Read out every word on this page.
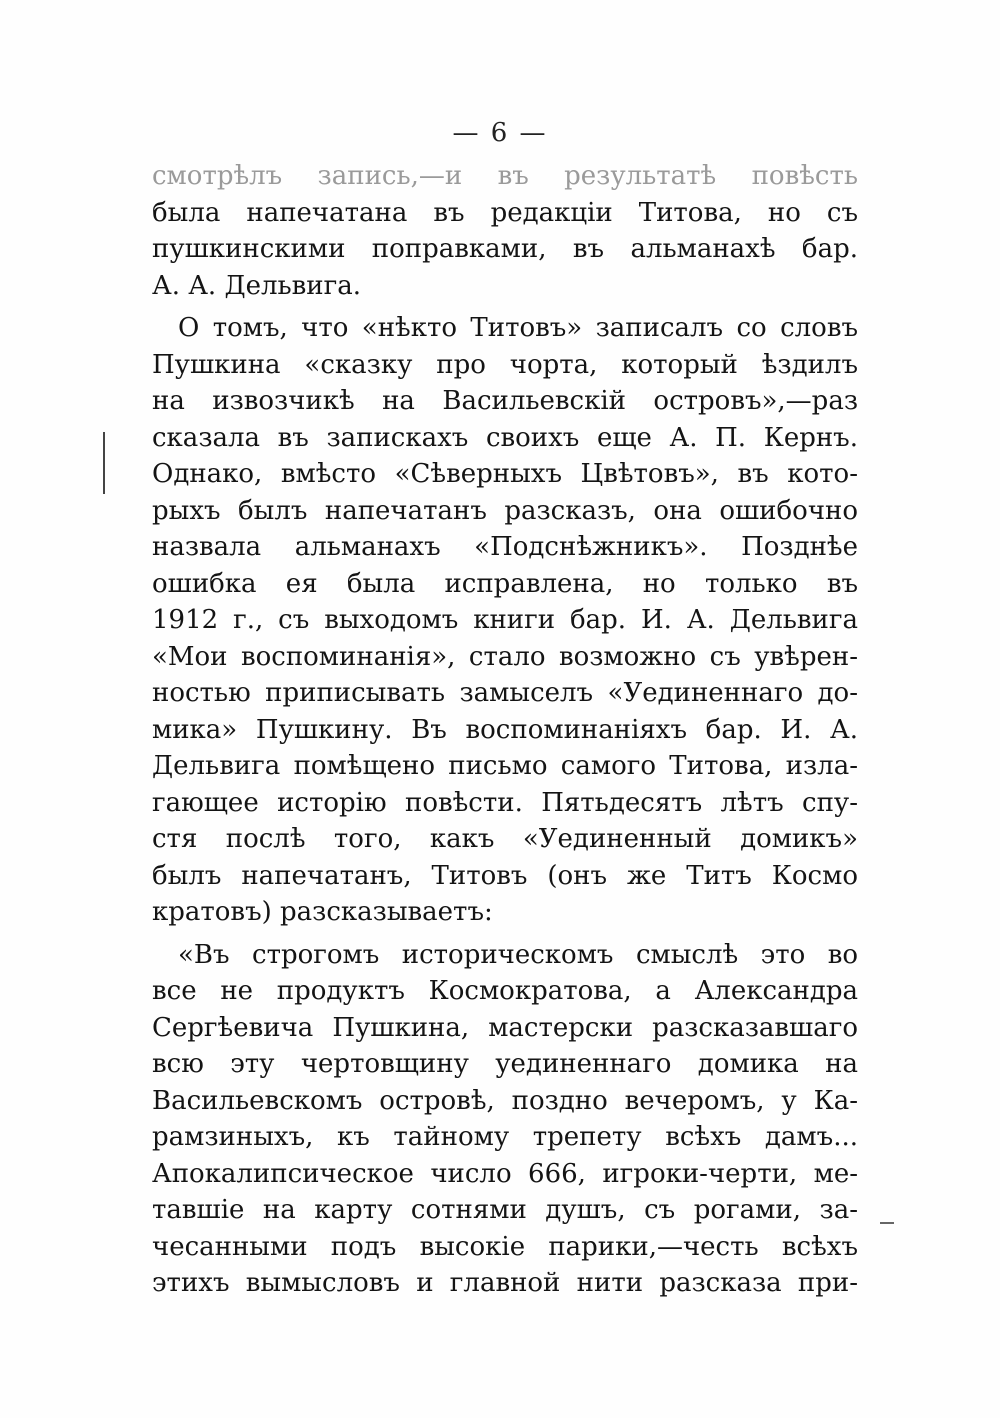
— 6 —
смотрѣлъ запись,—и въ результатѣ повѣсть
была напечатана въ редакціи Титова, но съ
пушкинскими поправками, въ альманахѣ бар.
А. А. Дельвига.
О томъ, что «нѣкто Титовъ» записалъ со словъ
Пушкина «сказку про чорта, который ѣздилъ
на извозчикѣ на Васильевскій островъ»,—раз
сказала въ запискахъ своихъ еще А. П. Кернъ.
Однако, вмѣсто «Сѣверныхъ Цвѣтовъ», въ кото-
рыхъ былъ напечатанъ разсказъ, она ошибочно
назвала альманахъ «Подснѣжникъ». Позднѣе
ошибка ея была исправлена, но только въ
1912 г., съ выходомъ книги бар. И. А. Дельвига
«Мои воспоминанія», стало возможно съ увѣрен-
ностью приписывать замыселъ «Уединеннаго до-
мика» Пушкину. Въ воспоминаніяхъ бар. И. А.
Дельвига помѣщено письмо самого Титова, изла-
гающее исторію повѣсти. Пятьдесятъ лѣтъ спу-
стя послѣ того, какъ «Уединенный домикъ»
былъ напечатанъ, Титовъ (онъ же Титъ Космо
кратовъ) разсказываетъ:
«Въ строгомъ историческомъ смыслѣ это во
все не продуктъ Космократова, а Александра
Сергѣевича Пушкина, мастерски разсказавшаго
всю эту чертовщину уединеннаго домика на
Васильевскомъ островѣ, поздно вечеромъ, у Ка-
рамзиныхъ, къ тайному трепету всѣхъ дамъ...
Апокалипсическое число 666, игроки-черти, ме-
тавшіе на карту сотнями душъ, съ рогами, за-
чесанными подъ высокіе парики,—честь всѣхъ
этихъ вымысловъ и главной нити разсказа при-
